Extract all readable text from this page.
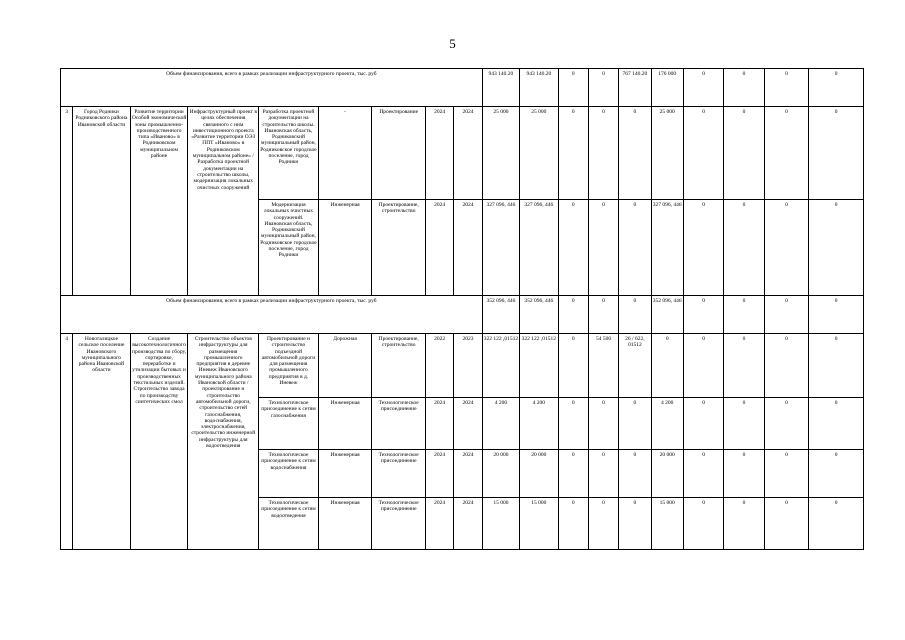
5
Объем финансирования, всего в рамках реализации инфраструктурного проекта, тыс. руб									943 140.20	943 140.20	0	0	767 140.20	176 000	0	0	0	0
3	Город Родники Родниковского района Ивановской области	Развитие территории Особой экономической зоны промышленно-производственного типа «Иваново» в Родниковском муниципальном районе	Инфраструктурный проект в целях обеспечения связанного с ним инвестиционного проекта «Развитие территории ОЭЗ ППТ «Иваново» в Родниковском муниципальном районе» / Разработка проектной документации на строительство школы, модернизация локальных очистных сооружений	Разработка проектной документации на строительство школы. Ивановская область, Родниковский муниципальный район, Родниковское городское поселение, город Родники	-	Проектирование	2024	2024	25 000	25 000	0	0	0	25 000	0	0	0	0
				Модернизация локальных очистных сооружений. Ивановская область, Родниковский муниципальный район, Родниковское городское поселение, город Родники	Инженерная	Проектирование, строительство	2024	2024	327 096, 446	327 096, 446	0	0	0	327 096, 446	0	0	0	0
Объем финансирования, всего в рамках реализации инфраструктурного проекта, тыс. руб									352 096, 446	352 096, 446	0	0	0	352 096, 446	0	0	0	0
4	Новоталицкое сельское поселение Ивановского муниципального района Ивановской области	Создание высокотехнологичного производства по сбору, сортировке, переработке и утилизации бытовых и производственных текстильных изделий. Строительство завода по производству синтетических смол	Строительство объектов инфраструктуры для размещения промышленного предприятия в деревне Иневеж Ивановского муниципального района Ивановской области / проектирование и строительство автомобильной дороги, строительство сетей газоснабжения, водоснабжения, электроснабжения, строительство инженерной инфраструктуры для водоотведения	Проектирование и строительство подъездной автомобильной дороги для размещения промышленного предприятия в д. Иневеж	Дорожная	Проектирование, строительство	2022	2023	322 122 ,01512	322 122 ,01512	0	54 500	26 / 622, 01512	0	0	0	0	0
				Технологическое присоединение к сетям газоснабжения	Инженерная	Технологическое присоединение	2024	2024	4 200	4 200	0	0	0	4 200	0	0	0	0
				Технологическое присоединение к сетям водоснабжения	Инженерная	Технологическое присоединение	2024	2024	20 000	20 000	0	0	0	20 000	0	0	0	0
				Технологическое присоединение к сетям водоотведения	Инженерная	Технологическое присоединение	2024	2024	15 000	15 000	0	0	0	15 000	0	0	0	0
